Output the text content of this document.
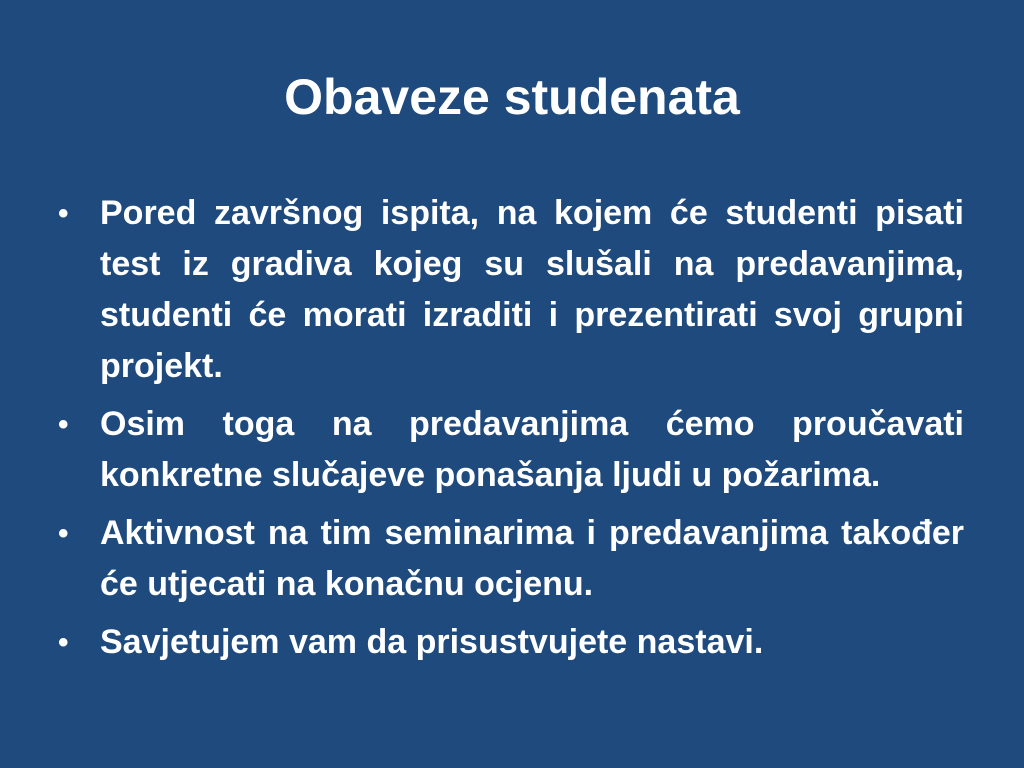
Obaveze studenata
• Pored završnog ispita, na kojem će studenti pisati test iz gradiva kojeg su slušali na predavanjima, studenti će morati izraditi i prezentirati svoj grupni projekt.
• Osim toga na predavanjima ćemo proučavati konkretne slučajeve ponašanja ljudi u požarima.
• Aktivnost na tim seminarima i predavanjima također će utjecati na konačnu ocjenu.
• Savjetujem vam da prisustvujete nastavi.
